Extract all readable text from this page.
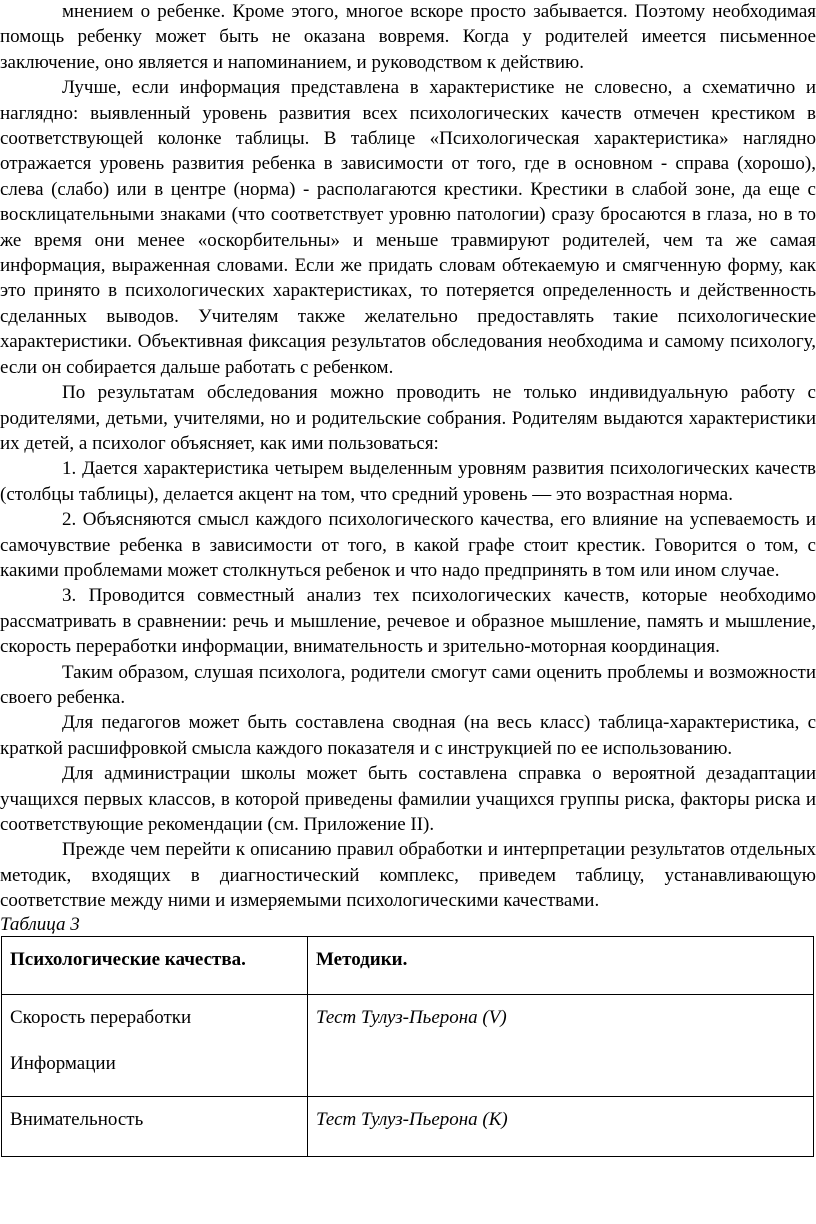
мнением о ребенке. Кроме этого, многое вскоре просто забывается. Поэтому необходимая помощь ребенку может быть не оказана вовремя. Когда у родителей имеется письменное заключение, оно является и напоминанием, и руководством к действию.

Лучше, если информация представлена в характеристике не словесно, а схематично и наглядно: выявленный уровень развития всех психологических качеств отмечен крестиком в соответствующей колонке таблицы. В таблице «Психологическая характеристика» наглядно отражается уровень развития ребенка в зависимости от того, где в основном - справа (хорошо), слева (слабо) или в центре (норма) - располагаются крестики. Крестики в слабой зоне, да еще с восклицательными знаками (что соответствует уровню патологии) сразу бросаются в глаза, но в то же время они менее «оскорбительны» и меньше травмируют родителей, чем та же самая информация, выраженная словами. Если же придать словам обтекаемую и смягченную форму, как это принято в психологических характеристиках, то потеряется определенность и действенность сделанных выводов. Учителям также желательно предоставлять такие психологические характеристики. Объективная фиксация результатов обследования необходима и самому психологу, если он собирается дальше работать с ребенком.

По результатам обследования можно проводить не только индивидуальную работу с родителями, детьми, учителями, но и родительские собрания. Родителям выдаются характеристики их детей, а психолог объясняет, как ими пользоваться:

1. Дается характеристика четырем выделенным уровням развития психологических качеств (столбцы таблицы), делается акцент на том, что средний уровень — это возрастная норма.

2. Объясняются смысл каждого психологического качества, его влияние на успеваемость и самочувствие ребенка в зависимости от того, в какой графе стоит крестик. Говорится о том, с какими проблемами может столкнуться ребенок и что надо предпринять в том или ином случае.

3. Проводится совместный анализ тех психологических качеств, которые необходимо рассматривать в сравнении: речь и мышление, речевое и образное мышление, память и мышление, скорость переработки информации, внимательность и зрительно-моторная координация.

Таким образом, слушая психолога, родители смогут сами оценить проблемы и возможности своего ребенка.

Для педагогов может быть составлена сводная (на весь класс) таблица-характеристика, с краткой расшифровкой смысла каждого показателя и с инструкцией по ее использованию.

Для администрации школы может быть составлена справка о вероятной дезадаптации учащихся первых классов, в которой приведены фамилии учащихся группы риска, факторы риска и соответствующие рекомендации (см. Приложение II).

Прежде чем перейти к описанию правил обработки и интерпретации результатов отдельных методик, входящих в диагностический комплекс, приведем таблицу, устанавливающую соответствие между ними и измеряемыми психологическими качествами.

Таблица 3

Психологические качества.	Методики.
Скорость переработки
Информации	Тест Тулуз-Пьерона (V)
Внимательность	Тест Тулуз-Пьерона (К)
